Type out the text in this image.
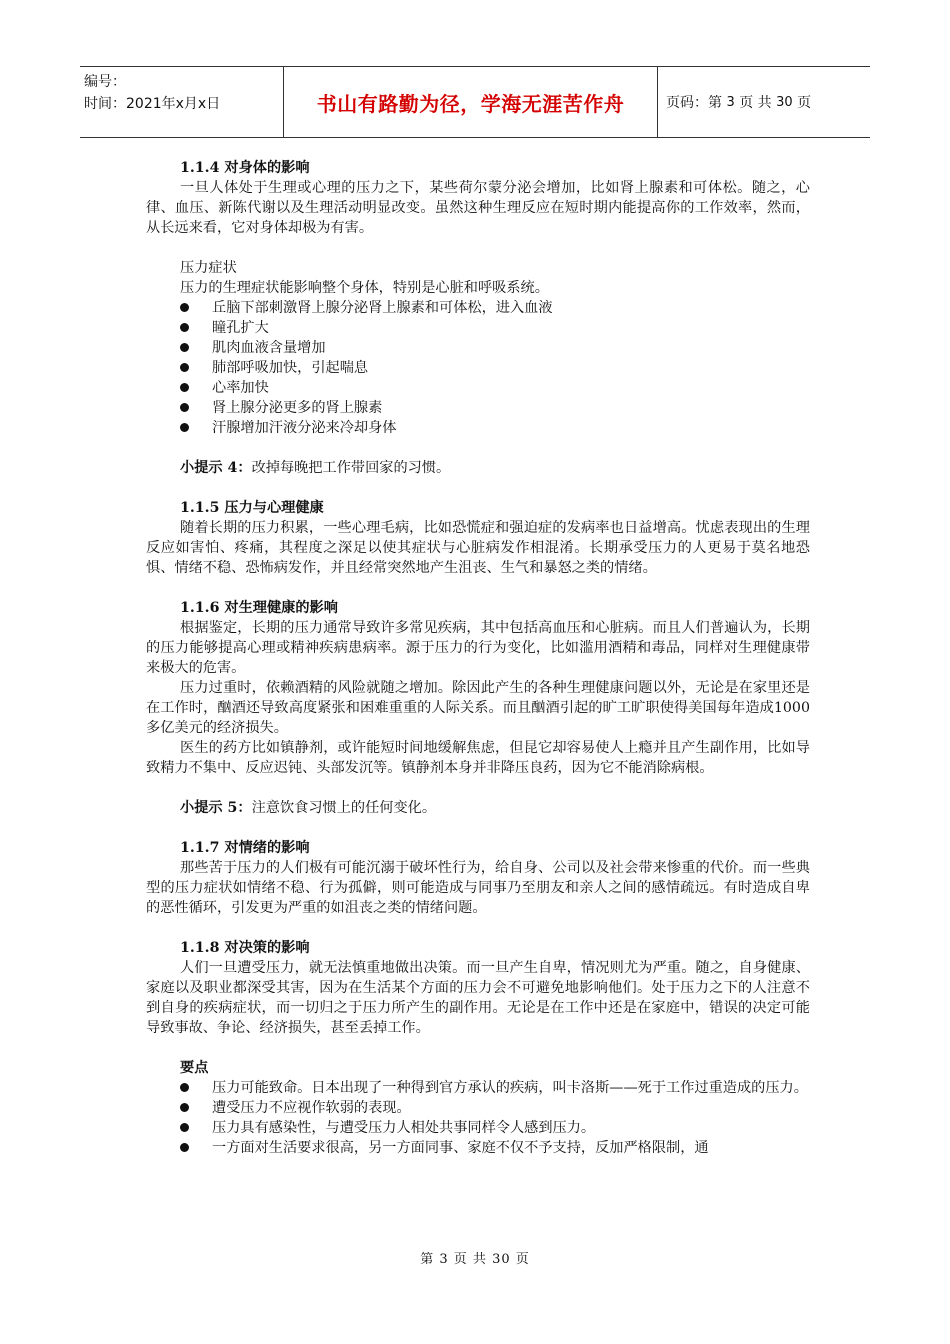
编号：
时间：2021年x月x日	书山有路勤为径，学海无涯苦作舟	页码：第
3
页 共
30
页
1.1.4 对身体的影响
一旦人体处于生理或心理的压力之下，某些荷尔蒙分泌会增加，比如肾上腺素和可体松。随之，心律、血压、新陈代谢以及生理活动明显改变。虽然这种生理反应在短时期内能提高你的工作效率，然而，从长远来看，它对身体却极为有害。
压力症状
压力的生理症状能影响整个身体，特别是心脏和呼吸系统。
丘脑下部刺激肾上腺分泌肾上腺素和可体松，进入血液
瞳孔扩大
肌肉血液含量增加
肺部呼吸加快，引起喘息
心率加快
肾上腺分泌更多的肾上腺素
汗腺增加汗液分泌来冷却身体
小提示 4：改掉每晚把工作带回家的习惯。
1.1.5 压力与心理健康
随着长期的压力积累，一些心理毛病，比如恐慌症和强迫症的发病率也日益增高。忧虑表现出的生理反应如害怕、疼痛，其程度之深足以使其症状与心脏病发作相混淆。长期承受压力的人更易于莫名地恐惧、情绪不稳、恐怖病发作，并且经常突然地产生沮丧、生气和暴怒之类的情绪。
1.1.6 对生理健康的影响
根据鉴定，长期的压力通常导致许多常见疾病，其中包括高血压和心脏病。而且人们普遍认为，长期的压力能够提高心理或精神疾病患病率。源于压力的行为变化，比如滥用酒精和毒品，同样对生理健康带来极大的危害。
压力过重时，依赖酒精的风险就随之增加。除因此产生的各种生理健康问题以外，无论是在家里还是在工作时，酗酒还导致高度紧张和困难重重的人际关系。而且酗酒引起的旷工旷职使得美国每年造成1000多亿美元的经济损失。
医生的药方比如镇静剂，或许能短时间地缓解焦虑，但昆它却容易使人上瘾并且产生副作用，比如导致精力不集中、反应迟钝、头部发沉等。镇静剂本身并非降压良药，因为它不能消除病根。
小提示 5：注意饮食习惯上的任何变化。
1.1.7 对情绪的影响
那些苦于压力的人们极有可能沉溺于破坏性行为，给自身、公司以及社会带来惨重的代价。而一些典型的压力症状如情绪不稳、行为孤僻，则可能造成与同事乃至朋友和亲人之间的感情疏远。有时造成自卑的恶性循环，引发更为严重的如沮丧之类的情绪问题。
1.1.8 对决策的影响
人们一旦遭受压力，就无法慎重地做出决策。而一旦产生自卑，情况则尤为严重。随之，自身健康、家庭以及职业都深受其害，因为在生活某个方面的压力会不可避免地影响他们。处于压力之下的人注意不到自身的疾病症状，而一切归之于压力所产生的副作用。无论是在工作中还是在家庭中，错误的决定可能导致事故、争论、经济损失，甚至丢掉工作。
要点
压力可能致命。日本出现了一种得到官方承认的疾病，叫卡洛斯——死于工作过重造成的压力。
遭受压力不应视作软弱的表现。
压力具有感染性，与遭受压力人相处共事同样令人感到压力。
一方面对生活要求很高，另一方面同事、家庭不仅不予支持，反加严格限制，通
第 3 页 共 30 页
